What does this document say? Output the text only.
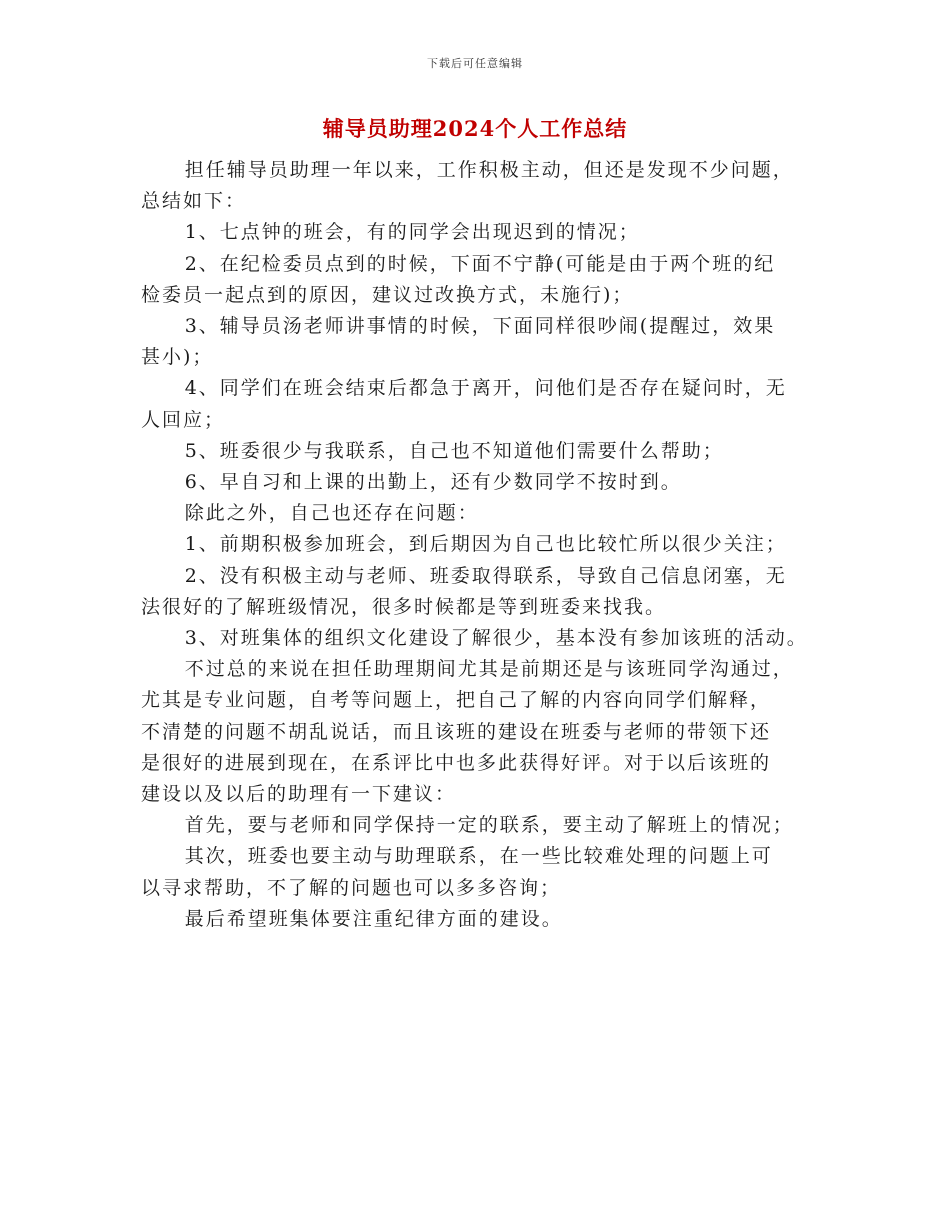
下载后可任意编辑
辅导员助理2024个人工作总结

担任辅导员助理一年以来，工作积极主动，但还是发现不少问题，
总结如下：

1、七点钟的班会，有的同学会出现迟到的情况；

2、在纪检委员点到的时候，下面不宁静(可能是由于两个班的纪
检委员一起点到的原因，建议过改换方式，未施行)；

3、辅导员汤老师讲事情的时候，下面同样很吵闹(提醒过，效果
甚小)；

4、同学们在班会结束后都急于离开，问他们是否存在疑问时，无
人回应；

5、班委很少与我联系，自己也不知道他们需要什么帮助；

6、早自习和上课的出勤上，还有少数同学不按时到。

除此之外，自己也还存在问题：

1、前期积极参加班会，到后期因为自己也比较忙所以很少关注；

2、没有积极主动与老师、班委取得联系，导致自己信息闭塞，无
法很好的了解班级情况，很多时候都是等到班委来找我。

3、对班集体的组织文化建设了解很少，基本没有参加该班的活动。

不过总的来说在担任助理期间尤其是前期还是与该班同学沟通过，
尤其是专业问题，自考等问题上，把自己了解的内容向同学们解释，
不清楚的问题不胡乱说话，而且该班的建设在班委与老师的带领下还
是很好的进展到现在，在系评比中也多此获得好评。对于以后该班的
建设以及以后的助理有一下建议：

首先，要与老师和同学保持一定的联系，要主动了解班上的情况；

其次，班委也要主动与助理联系，在一些比较难处理的问题上可
以寻求帮助，不了解的问题也可以多多咨询；

最后希望班集体要注重纪律方面的建设。
